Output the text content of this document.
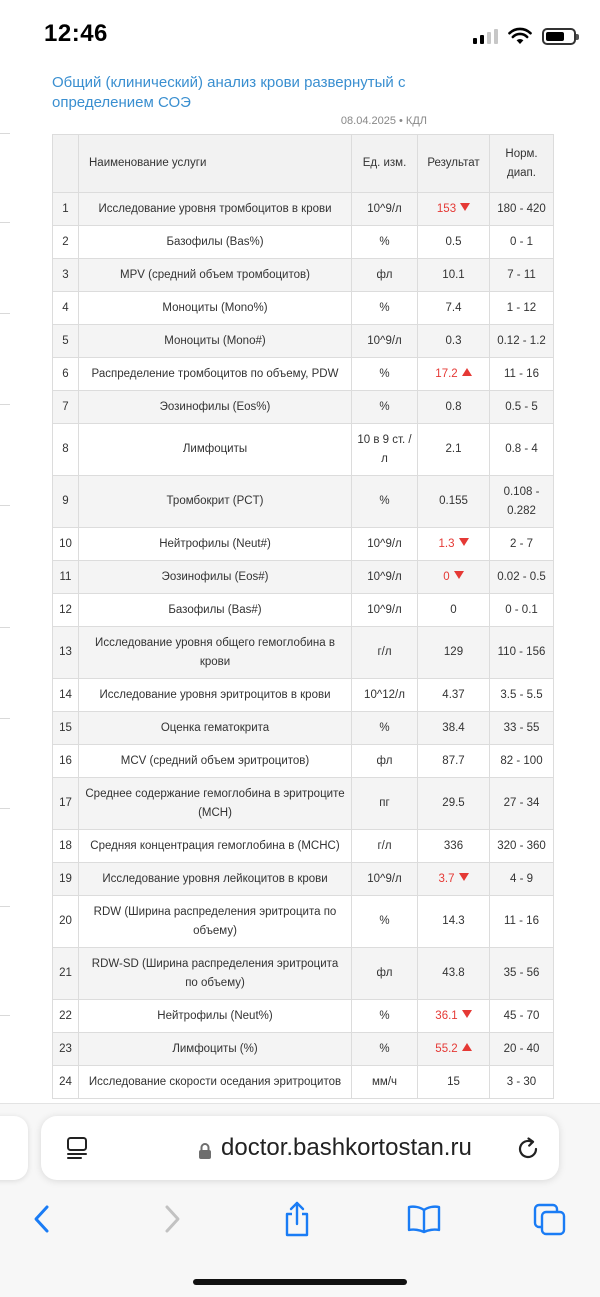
12:46
Общий (клинический) анализ крови развернутый с определением СОЭ
08.04.2025 • КДЛ
	Наименование услуги	Ед. изм.	Результат	Норм. диап.
1	Исследование уровня тромбоцитов в крови	10^9/л	153	180 - 420
2	Базофилы (Bas%)	%	0.5	0 - 1
3	MPV (средний объем тромбоцитов)	фл	10.1	7 - 11
4	Моноциты (Mono%)	%	7.4	1 - 12
5	Моноциты (Mono#)	10^9/л	0.3	0.12 - 1.2
6	Распределение тромбоцитов по объему, PDW	%	17.2	11 - 16
7	Эозинофилы (Eos%)	%	0.8	0.5 - 5
8	Лимфоциты	10 в 9 ст. /л	2.1	0.8 - 4
9	Тромбокрит (PCT)	%	0.155	0.108 - 0.282
10	Нейтрофилы (Neut#)	10^9/л	1.3	2 - 7
11	Эозинофилы (Eos#)	10^9/л	0	0.02 - 0.5
12	Базофилы (Bas#)	10^9/л	0	0 - 0.1
13	Исследование уровня общего гемоглобина в крови	г/л	129	110 - 156
14	Исследование уровня эритроцитов в крови	10^12/л	4.37	3.5 - 5.5
15	Оценка гематокрита	%	38.4	33 - 55
16	MCV (средний объем эритроцитов)	фл	87.7	82 - 100
17	Среднее содержание гемоглобина в эритроците (MCH)	пг	29.5	27 - 34
18	Средняя концентрация гемоглобина в (MCHC)	г/л	336	320 - 360
19	Исследование уровня лейкоцитов в крови	10^9/л	3.7	4 - 9
20	RDW (Ширина распределения эритроцита по объему)	%	14.3	11 - 16
21	RDW-SD (Ширина распределения эритроцита по объему)	фл	43.8	35 - 56
22	Нейтрофилы (Neut%)	%	36.1	45 - 70
23	Лимфоциты (%)	%	55.2	20 - 40
24	Исследование скорости оседания эритроцитов	мм/ч	15	3 - 30
doctor.bashkortostan.ru
